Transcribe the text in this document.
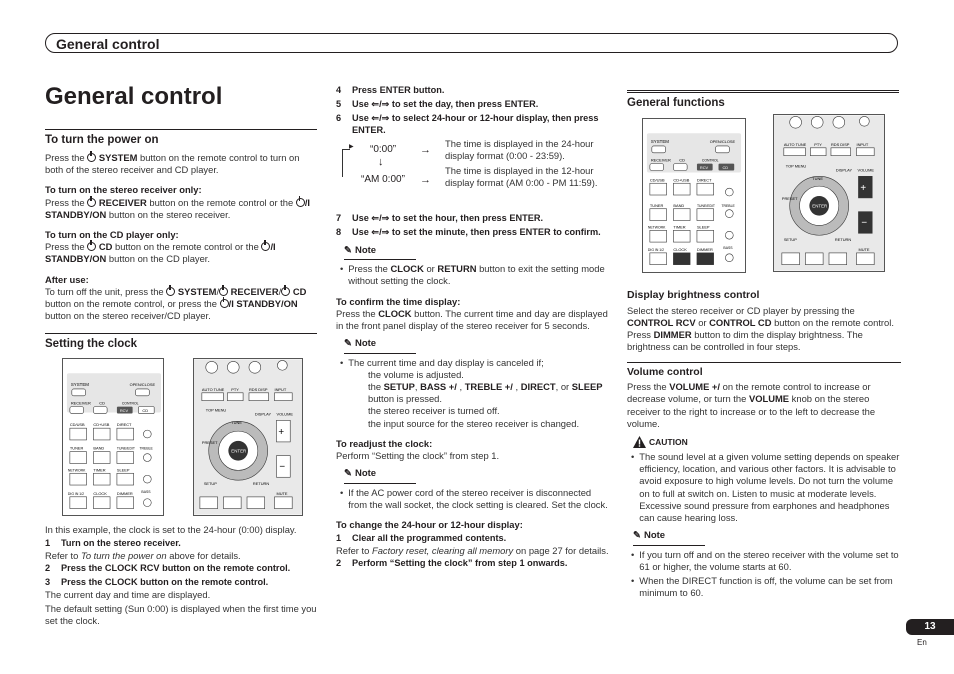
General control
General control
To turn the power on
Press the SYSTEM button on the remote control to turn on both of the stereo receiver and CD player.
To turn on the stereo receiver only:
Press the RECEIVER button on the remote control or the /I STANDBY/ON button on the stereo receiver.
To turn on the CD player only:
Press the CD button on the remote control or the /I STANDBY/ON button on the CD player.
After use:
To turn off the unit, press the SYSTEM/ RECEIVER/ CD button on the remote control, or press the /I STANDBY/ON button on the stereo receiver/CD player.
Setting the clock
SYSTEM	OPEN/CLOSE
RECEIVER CD	CONTROL
RCV	CD
CD/USB CD+USB DIRECT
TUNER	BAND	TUNE/EDIT TREBLE
NETWORK TIMER	SLEEP
DIG IN 1/2 CLOCK	DIMMER BASS
AUTO TUNE PTY	RDS DISP INPUT
TOP MENU
DISPLAY VOLUME
ENTER
TUNE
PRESET
+
−
SETUP	RETURN
MUTE
In this example, the clock is set to the 24-hour (0:00) display.
1	Turn on the stereo receiver.
Refer to To turn the power on above for details.
2	Press the CLOCK RCV button on the remote control.
3	Press the CLOCK button on the remote control.
The current day and time are displayed.
The default setting (Sun 0:00) is displayed when the first time you set the clock.
4	Press ENTER button.
5	Use ⇐/⇒ to set the day, then press ENTER.
6	Use ⇐/⇒ to select 24-hour or 12-hour display, then press ENTER.
▶ “0:00”
↓
“AM 0:00”
→
→
The time is displayed in the 24-hour display format (0:00 - 23:59).
The time is displayed in the 12-hour display format (AM 0:00 - PM 11:59).
7	Use ⇐/⇒ to set the hour, then press ENTER.
8	Use ⇐/⇒ to set the minute, then press ENTER to confirm.
✎ Note
• Press the CLOCK or RETURN button to exit the setting mode without setting the clock.
To confirm the time display:
Press the CLOCK button. The current time and day are displayed in the front panel display of the stereo receiver for 5 seconds.
✎ Note
• The current time and day display is canceled if;
the volume is adjusted.
the SETUP, BASS +/ , TREBLE +/ , DIRECT, or SLEEP button is pressed.
the stereo receiver is turned off.
the input source for the stereo receiver is changed.
To readjust the clock:
Perform “Setting the clock” from step 1.
✎ Note
• If the AC power cord of the stereo receiver is disconnected from the wall socket, the clock setting is cleared. Set the clock.
To change the 24-hour or 12-hour display:
1	Clear all the programmed contents.
Refer to Factory reset, clearing all memory on page 27 for details.
2	Perform “Setting the clock” from step 1 onwards.
General functions
SYSTEM	OPEN/CLOSE
RECEIVER CD	CONTROL
RCV	CD
CD/USB CD+USB DIRECT
TUNER	BAND	TUNE/EDIT TREBLE
NETWORK TIMER	SLEEP
DIG IN 1/2 CLOCK	DIMMER	BASS
AUTO TUNE PTY RDS DISP INPUT
TOP MENU
DISPLAY VOLUME
ENTER
TUNE
PRESET
+
−
SETUP	RETURN
MUTE
Display brightness control
Select the stereo receiver or CD player by pressing the CONTROL RCV or CONTROL CD button on the remote control.
Press DIMMER button to dim the display brightness. The brightness can be controlled in four steps.
Volume control
Press the VOLUME +/ on the remote control to increase or decrease volume, or turn the VOLUME knob on the stereo receiver to the right to increase or to the left to decrease the volume.
CAUTION
• The sound level at a given volume setting depends on speaker efficiency, location, and various other factors. It is advisable to avoid exposure to high volume levels. Do not turn the volume on to full at switch on. Listen to music at moderate levels. Excessive sound pressure from earphones and headphones can cause hearing loss.
✎ Note
• If you turn off and on the stereo receiver with the volume set to 61 or higher, the volume starts at 60.
• When the DIRECT function is off, the volume can be set from minimum to 60.
13
En
